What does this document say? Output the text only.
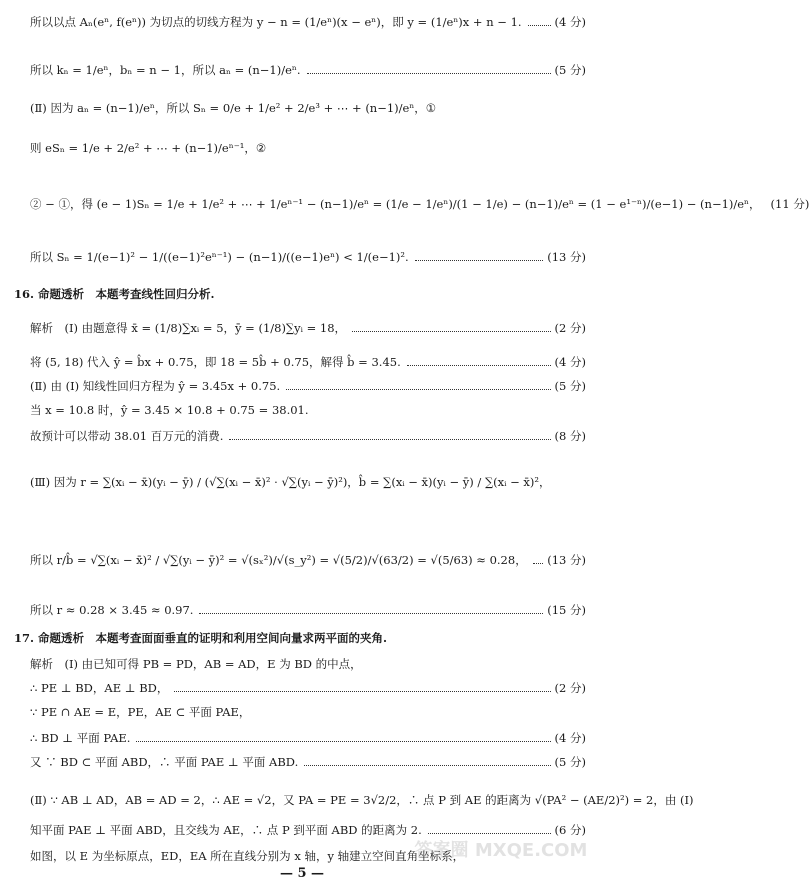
所以以点 Aₙ(eⁿ, f(eⁿ)) 为切点的切线方程为 y − n = (1/eⁿ)(x − eⁿ)，即 y = (1/eⁿ)x + n − 1.	(4 分)
所以 kₙ = 1/eⁿ，bₙ = n − 1，所以 aₙ = (n−1)/eⁿ.	(5 分)
(Ⅱ) 因为 aₙ = (n−1)/eⁿ，所以 Sₙ = 0/e + 1/e² + 2/e³ + ⋯ + (n−1)/eⁿ，①
则 eSₙ = 1/e + 2/e² + ⋯ + (n−1)/eⁿ⁻¹，②
② − ①，得 (e − 1)Sₙ = 1/e + 1/e² + ⋯ + 1/eⁿ⁻¹ − (n−1)/eⁿ = (1/e − 1/eⁿ)/(1 − 1/e) − (n−1)/eⁿ = (1 − e¹⁻ⁿ)/(e−1) − (n−1)/eⁿ， (11 分)
所以 Sₙ = 1/(e−1)² − 1/((e−1)²eⁿ⁻¹) − (n−1)/((e−1)eⁿ) < 1/(e−1)².	(13 分)
16. 命题透析　本题考查线性回归分析.
解析　(Ⅰ) 由题意得 x̄ = (1/8)∑xᵢ = 5，ȳ = (1/8)∑yᵢ = 18，	(2 分)
将 (5, 18) 代入 ŷ = b̂x + 0.75，即 18 = 5b̂ + 0.75，解得 b̂ = 3.45.	(4 分)
(Ⅱ) 由 (Ⅰ) 知线性回归方程为 ŷ = 3.45x + 0.75.	(5 分)
当 x = 10.8 时，ŷ = 3.45 × 10.8 + 0.75 = 38.01.
故预计可以带动 38.01 百万元的消费.	(8 分)
(Ⅲ) 因为 r = ∑(xᵢ − x̄)(yᵢ − ȳ) / (√∑(xᵢ − x̄)² · √∑(yᵢ − ȳ)²)，b̂ = ∑(xᵢ − x̄)(yᵢ − ȳ) / ∑(xᵢ − x̄)²，
所以 r/b̂ = √∑(xᵢ − x̄)² / √∑(yᵢ − ȳ)² = √(sₓ²)/√(s_y²) = √(5/2)/√(63/2) = √(5/63) ≈ 0.28， (13 分)
所以 r ≈ 0.28 × 3.45 ≈ 0.97.	(15 分)
17. 命题透析　本题考查面面垂直的证明和利用空间向量求两平面的夹角.
解析　(Ⅰ) 由已知可得 PB = PD，AB = AD，E 为 BD 的中点，
∴ PE ⊥ BD，AE ⊥ BD，	(2 分)
∵ PE ∩ AE = E，PE，AE ⊂ 平面 PAE，
∴ BD ⊥ 平面 PAE.	(4 分)
又 ∵ BD ⊂ 平面 ABD，∴ 平面 PAE ⊥ 平面 ABD.	(5 分)
(Ⅱ) ∵ AB ⊥ AD，AB = AD = 2，∴ AE = √2，又 PA = PE = 3√2/2，∴ 点 P 到 AE 的距离为 √(PA² − (AE/2)²) = 2，由 (Ⅰ)
知平面 PAE ⊥ 平面 ABD，且交线为 AE，∴ 点 P 到平面 ABD 的距离为 2.	(6 分)
如图，以 E 为坐标原点，ED，EA 所在直线分别为 x 轴，y 轴建立空间直角坐标系，
— 5 —
答案圈 MXQE.COM
